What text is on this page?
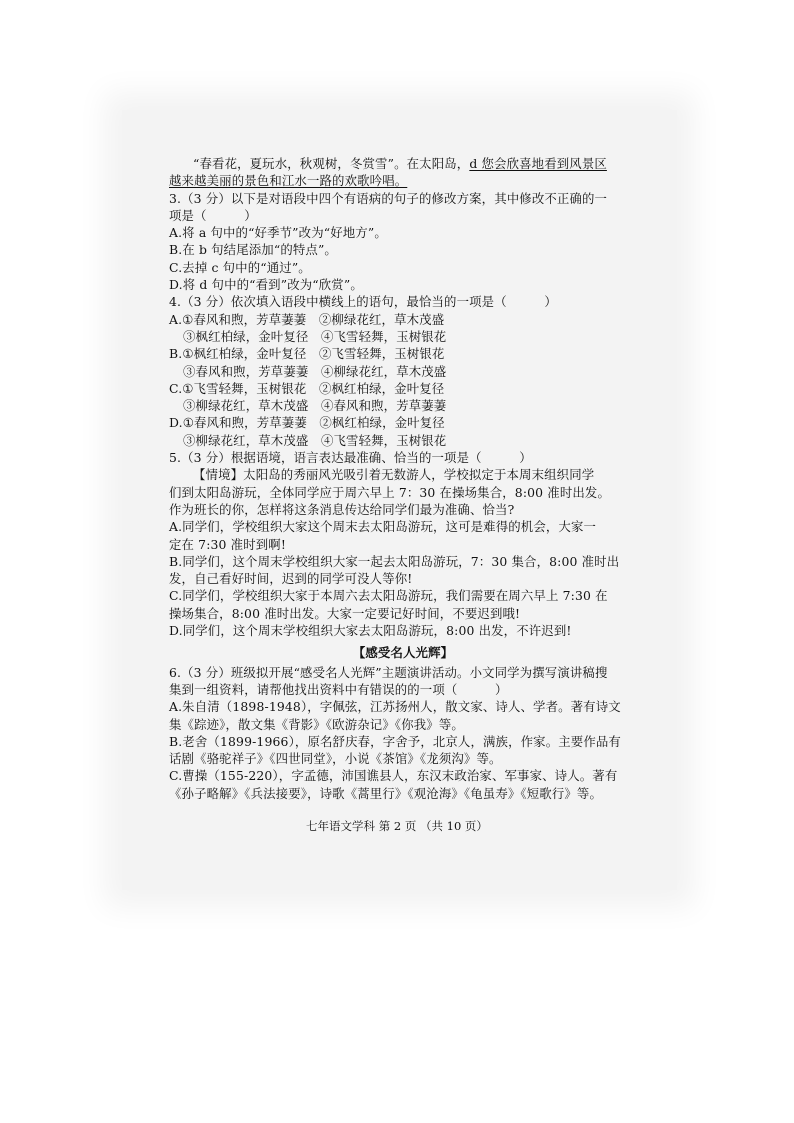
“春看花，夏玩水，秋观树，冬赏雪”。在太阳岛，d 您会欣喜地看到风景区

越来越美丽的景色和江水一路的欢歌吟唱。

3.（3 分）以下是对语段中四个有语病的句子的修改方案，其中修改不正确的一

项是（　　　）

A.将 a 句中的“好季节”改为“好地方”。

B.在 b 句结尾添加“的特点”。

C.去掉 c 句中的“通过”。

D.将 d 句中的“看到”改为“欣赏”。

4.（3 分）依次填入语段中横线上的语句，最恰当的一项是（　　　）

A.①春风和煦，芳草萋萋　②柳绿花红，草木茂盛

③枫红柏绿，金叶复径　④飞雪轻舞，玉树银花

B.①枫红柏绿，金叶复径　②飞雪轻舞，玉树银花

③春风和煦，芳草萋萋　④柳绿花红，草木茂盛

C.①飞雪轻舞，玉树银花　②枫红柏绿，金叶复径

③柳绿花红，草木茂盛　④春风和煦，芳草萋萋

D.①春风和煦，芳草萋萋　②枫红柏绿，金叶复径

③柳绿花红，草木茂盛　④飞雪轻舞，玉树银花

5.（3 分）根据语境，语言表达最准确、恰当的一项是（　　　）

【情境】太阳岛的秀丽风光吸引着无数游人，学校拟定于本周末组织同学

们到太阳岛游玩，全体同学应于周六早上 7：30 在操场集合，8:00 准时出发。

作为班长的你，怎样将这条消息传达给同学们最为准确、恰当?

A.同学们，学校组织大家这个周末去太阳岛游玩，这可是难得的机会，大家一

定在 7:30 准时到啊!

B.同学们，这个周末学校组织大家一起去太阳岛游玩，7：30 集合，8:00 准时出

发，自己看好时间，迟到的同学可没人等你!

C.同学们，学校组织大家于本周六去太阳岛游玩，我们需要在周六早上 7:30 在

操场集合，8:00 准时出发。大家一定要记好时间，不要迟到哦!

D.同学们，这个周末学校组织大家去太阳岛游玩，8:00 出发，不许迟到!

【感受名人光辉】

6.（3 分）班级拟开展“感受名人光辉”主题演讲活动。小文同学为撰写演讲稿搜

集到一组资料，请帮他找出资料中有错误的的一项（　　　）

A.朱自清（1898-1948），字佩弦，江苏扬州人，散文家、诗人、学者。著有诗文

集《踪迹》，散文集《背影》《欧游杂记》《你我》等。

B.老舍（1899-1966），原名舒庆春，字舍予，北京人，满族，作家。主要作品有

话剧《骆驼祥子》《四世同堂》，小说《茶馆》《龙须沟》等。

C.曹操（155-220），字孟德，沛国谯县人，东汉末政治家、军事家、诗人。著有

《孙子略解》《兵法接要》，诗歌《蒿里行》《观沧海》《龟虽寿》《短歌行》等。

七年语文学科 第 2 页 （共 10 页）
